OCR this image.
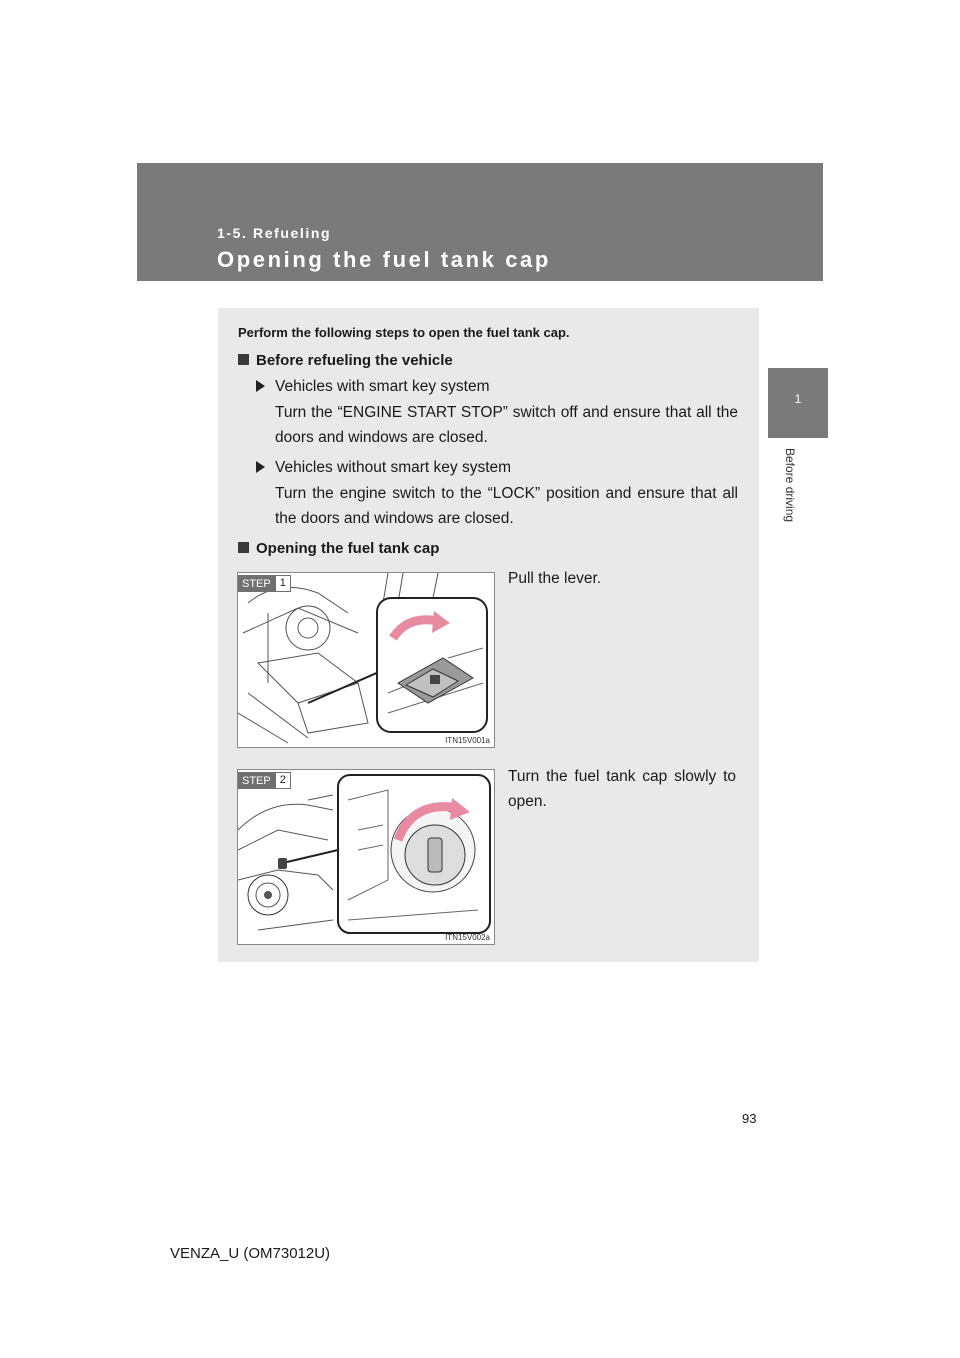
1-5. Refueling
Opening the fuel tank cap
1
Before driving
Perform the following steps to open the fuel tank cap.
Before refueling the vehicle
Vehicles with smart key system
Turn the “ENGINE START STOP” switch off and ensure that all the doors and windows are closed.
Vehicles without smart key system
Turn the engine switch to the “LOCK” position and ensure that all the doors and windows are closed.
Opening the fuel tank cap
STEP 1
ITN15V001a
Pull the lever.
STEP 2
ITN15V002a
Turn the fuel tank cap slowly to open.
93
VENZA_U (OM73012U)
